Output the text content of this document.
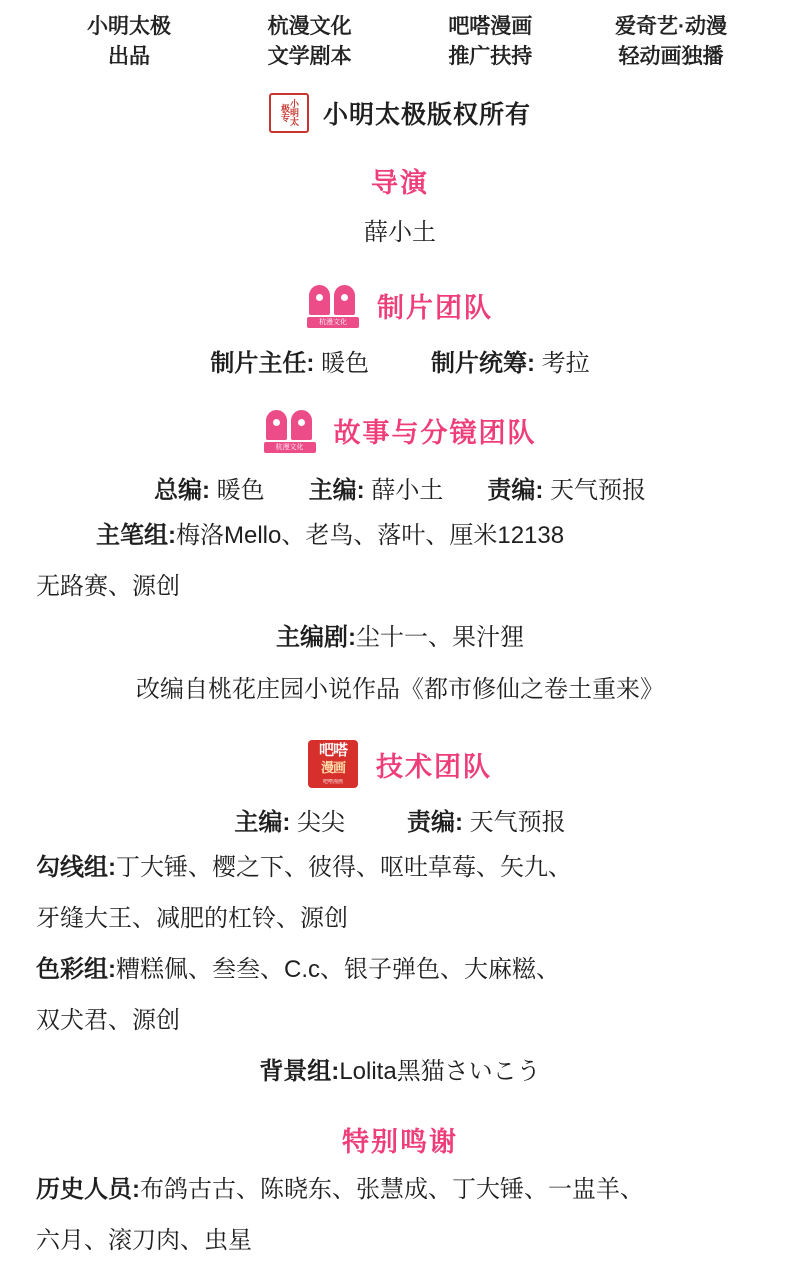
小明太极
出品
杭漫文化
文学剧本
吧嗒漫画
推广扶持
爱奇艺·动漫
轻动画独播
小明太极专	小明太极版权所有
导演
薛小土
杭漫文化	制片团队
制片主任: 暖色	制片统筹: 考拉
杭漫文化	故事与分镜团队
总编: 暖色 主编: 薛小土 责编: 天气预报
主笔组:梅洛Mello、老鸟、落叶、厘米12138
无路赛、源创
主编剧:尘十一、果汁狸
改编自桃花庄园小说作品《都市修仙之卷土重来》
吧嗒
漫画
吧嗒漫画
技术团队
主编: 尖尖	责编: 天气预报
勾线组:丁大锤、樱之下、彼得、呕吐草莓、矢九、
牙缝大王、减肥的杠铃、源创
色彩组:糟糕佩、叁叁、C.c、银子弹色、大麻糍、
双犬君、源创
背景组:Lolita黑猫さいこう
特别鸣谢
历史人员:布鸽古古、陈晓东、张慧成、丁大锤、一盅羊、
六月、滚刀肉、虫星
